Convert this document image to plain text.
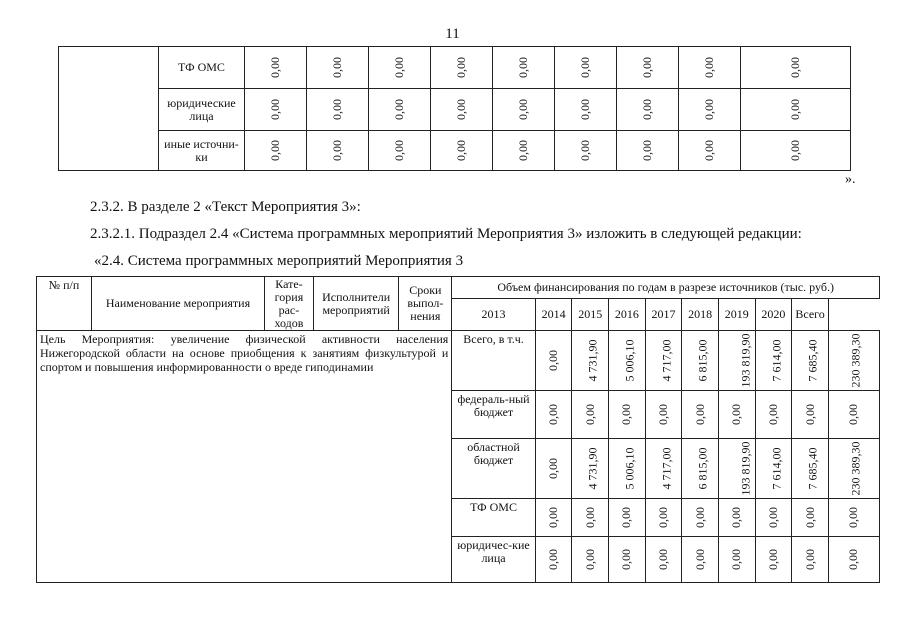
11
	ТФ ОМС	0,00	0,00	0,00	0,00	0,00	0,00	0,00	0,00	0,00
	юридические лица	0,00	0,00	0,00	0,00	0,00	0,00	0,00	0,00	0,00
	иные источни-ки	0,00	0,00	0,00	0,00	0,00	0,00	0,00	0,00	0,00
».
2.3.2. В разделе 2 «Текст Мероприятия 3»:
2.3.2.1. Подраздел 2.4 «Система программных мероприятий Мероприятия 3» изложить в следующей редакции:
«2.4. Система программных мероприятий Мероприятия 3
№ п/п	Наименование мероприятия	Кате-гория рас-ходов	Исполнители мероприятий	Сроки выпол-нения	Объем финансирования по годам в разрезе источников (тыс. руб.)									
					2013	2014	2015	2016	2017	2018	2019	2020	Всего	
Цель Мероприятия: увеличение физической активности населения Нижегородской области на основе приобщения к занятиям физкультурой и спортом и повышения информированности о вреде гиподинамии					Всего, в т.ч.	0,00	4 731,90	5 006,10	4 717,00	6 815,00	193 819,90	7 614,00	7 685,40	230 389,30
					федераль-ный бюджет	0,00	0,00	0,00	0,00	0,00	0,00	0,00	0,00	0,00
					областной бюджет	0,00	4 731,90	5 006,10	4 717,00	6 815,00	193 819,90	7 614,00	7 685,40	230 389,30
					ТФ ОМС	0,00	0,00	0,00	0,00	0,00	0,00	0,00	0,00	0,00
					юридичес-кие лица	0,00	0,00	0,00	0,00	0,00	0,00	0,00	0,00	0,00
